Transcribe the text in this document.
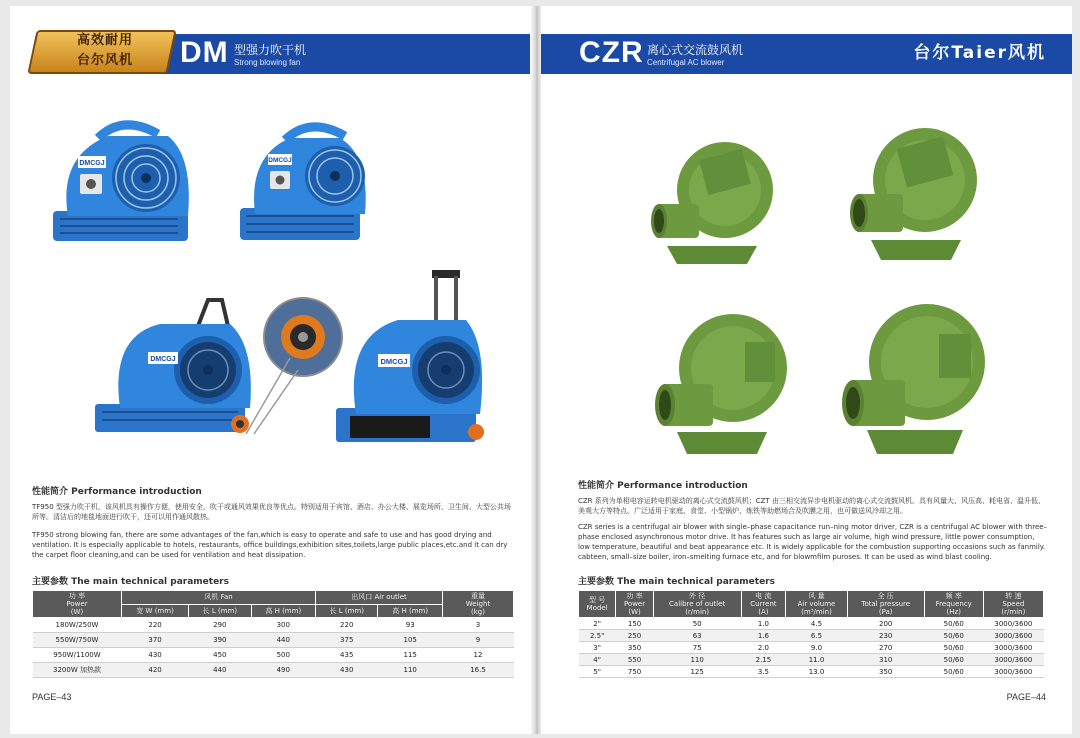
高效耐用
台尔风机	DM 型强力吹干机
Strong blowing fan
DMCGJ	DMCGJ
DMCGJ	DMCGJ
性能简介 Performance introduction
TF950 型强力吹干机，该风机具有操作方便，使用安全，吹干或通风效果优良等优点。特别适用于宾馆、酒店、办公大楼、展览场所、卫生间、大型公共场所等。清洁后的地毯地面进行吹干，还可以用作通风散热。
TF950 strong blowing fan, there are some advantages of the fan,which is easy to operate and safe to use and has good drying and ventilation. It is especially applicable to hotels, restaurants, office buildings,exhibition sites,toilets,large public places,etc.and it can dry the carpet floor cleaning,and can be used for ventilation and heat dissipation.
主要参数 The main technical parameters
功 率
Power
(W)	风机 Fan			出风口 Air outlet		重量
Weight
(kg)
	宽 W (mm)	长 L (mm)	高 H (mm)	长 L (mm)	高 H (mm)	
180W/250W	220	290	300	220	93	3
550W/750W	370	390	440	375	105	9
950W/1100W	430	450	500	435	115	12
3200W 加热款	420	440	490	430	110	16.5
PAGE–43
CZR 离心式交流鼓风机
Centrifugal AC blower	台尔Taier风机
性能简介 Performance introduction
CZR 系列为单相电容运转电机驱动的离心式交流鼓风机；CZT 由三相交流异步电机驱动的离心式交流鼓风机。具有风量大、风压高、耗电省、温升低、美观大方等特点。广泛适用于家庭、食堂、小型锅炉、炼铁等助燃场合及吹膜之用，也可做送风冷却之用。
CZR series is a centrifugal air blower with single–phase capacitance run–ning motor driver, CZR is a centrifugal AC blower with three–phase enclosed asynchronous motor drive. It has features such as large air volume, high wind pressure, little power consumption, low temperature, beautiful and beat appearance etc. It is widely applicable for the combustion supporting occasions such as fanmily. cabteen, small–size boiler, iron–smelting furnace etc, and for blowmfilm puroses. It can be used as wind blast cooling.
主要参数 The main technical parameters
型 号
Model	功 率
Power
(W)	外 径
Calibre of outlet
(r/min)	电 流
Current
(A)	风 量
Air volume
(m³/min)	全 压
Total pressure
(Pa)	频 率
Frequency
(Hz)	转 速
Speed
(r/min)
2"	150	50	1.0	4.5	200	50/60	3000/3600
2.5"	250	63	1.6	6.5	230	50/60	3000/3600
3"	350	75	2.0	9.0	270	50/60	3000/3600
4"	550	110	2.15	11.0	310	50/60	3000/3600
5"	750	125	3.5	13.0	350	50/60	3000/3600
PAGE–44
